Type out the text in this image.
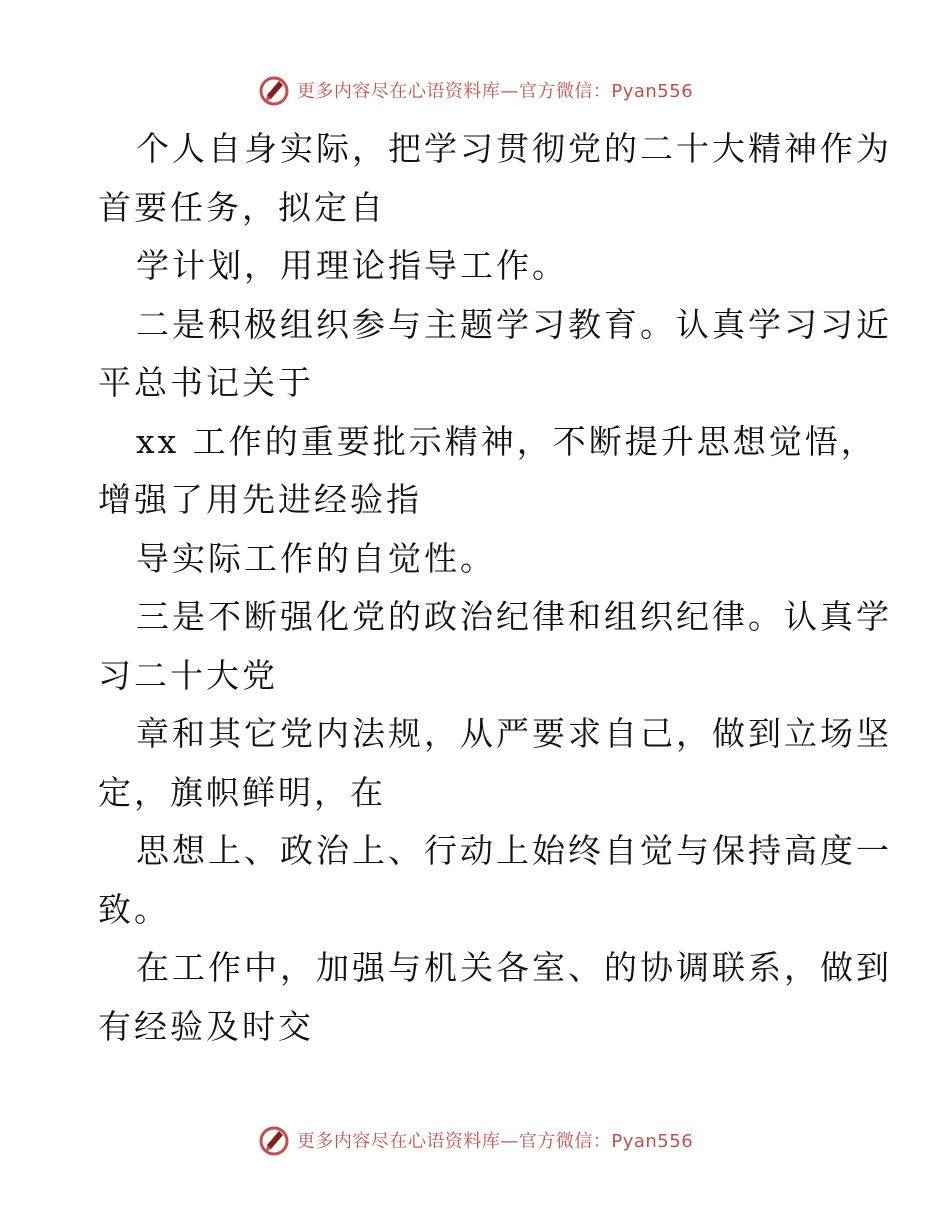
更多内容尽在心语资料库—官方微信：Pyan556
个人自身实际，把学习贯彻党的二十大精神作为
首要任务，拟定自
学计划，用理论指导工作。
二是积极组织参与主题学习教育。认真学习习近
平总书记关于
xx 工作的重要批示精神，不断提升思想觉悟，
增强了用先进经验指
导实际工作的自觉性。
三是不断强化党的政治纪律和组织纪律。认真学
习二十大党
章和其它党内法规，从严要求自己，做到立场坚
定，旗帜鲜明，在
思想上、政治上、行动上始终自觉与保持高度一
致。
在工作中，加强与机关各室、的协调联系，做到
有经验及时交
更多内容尽在心语资料库—官方微信：Pyan556
